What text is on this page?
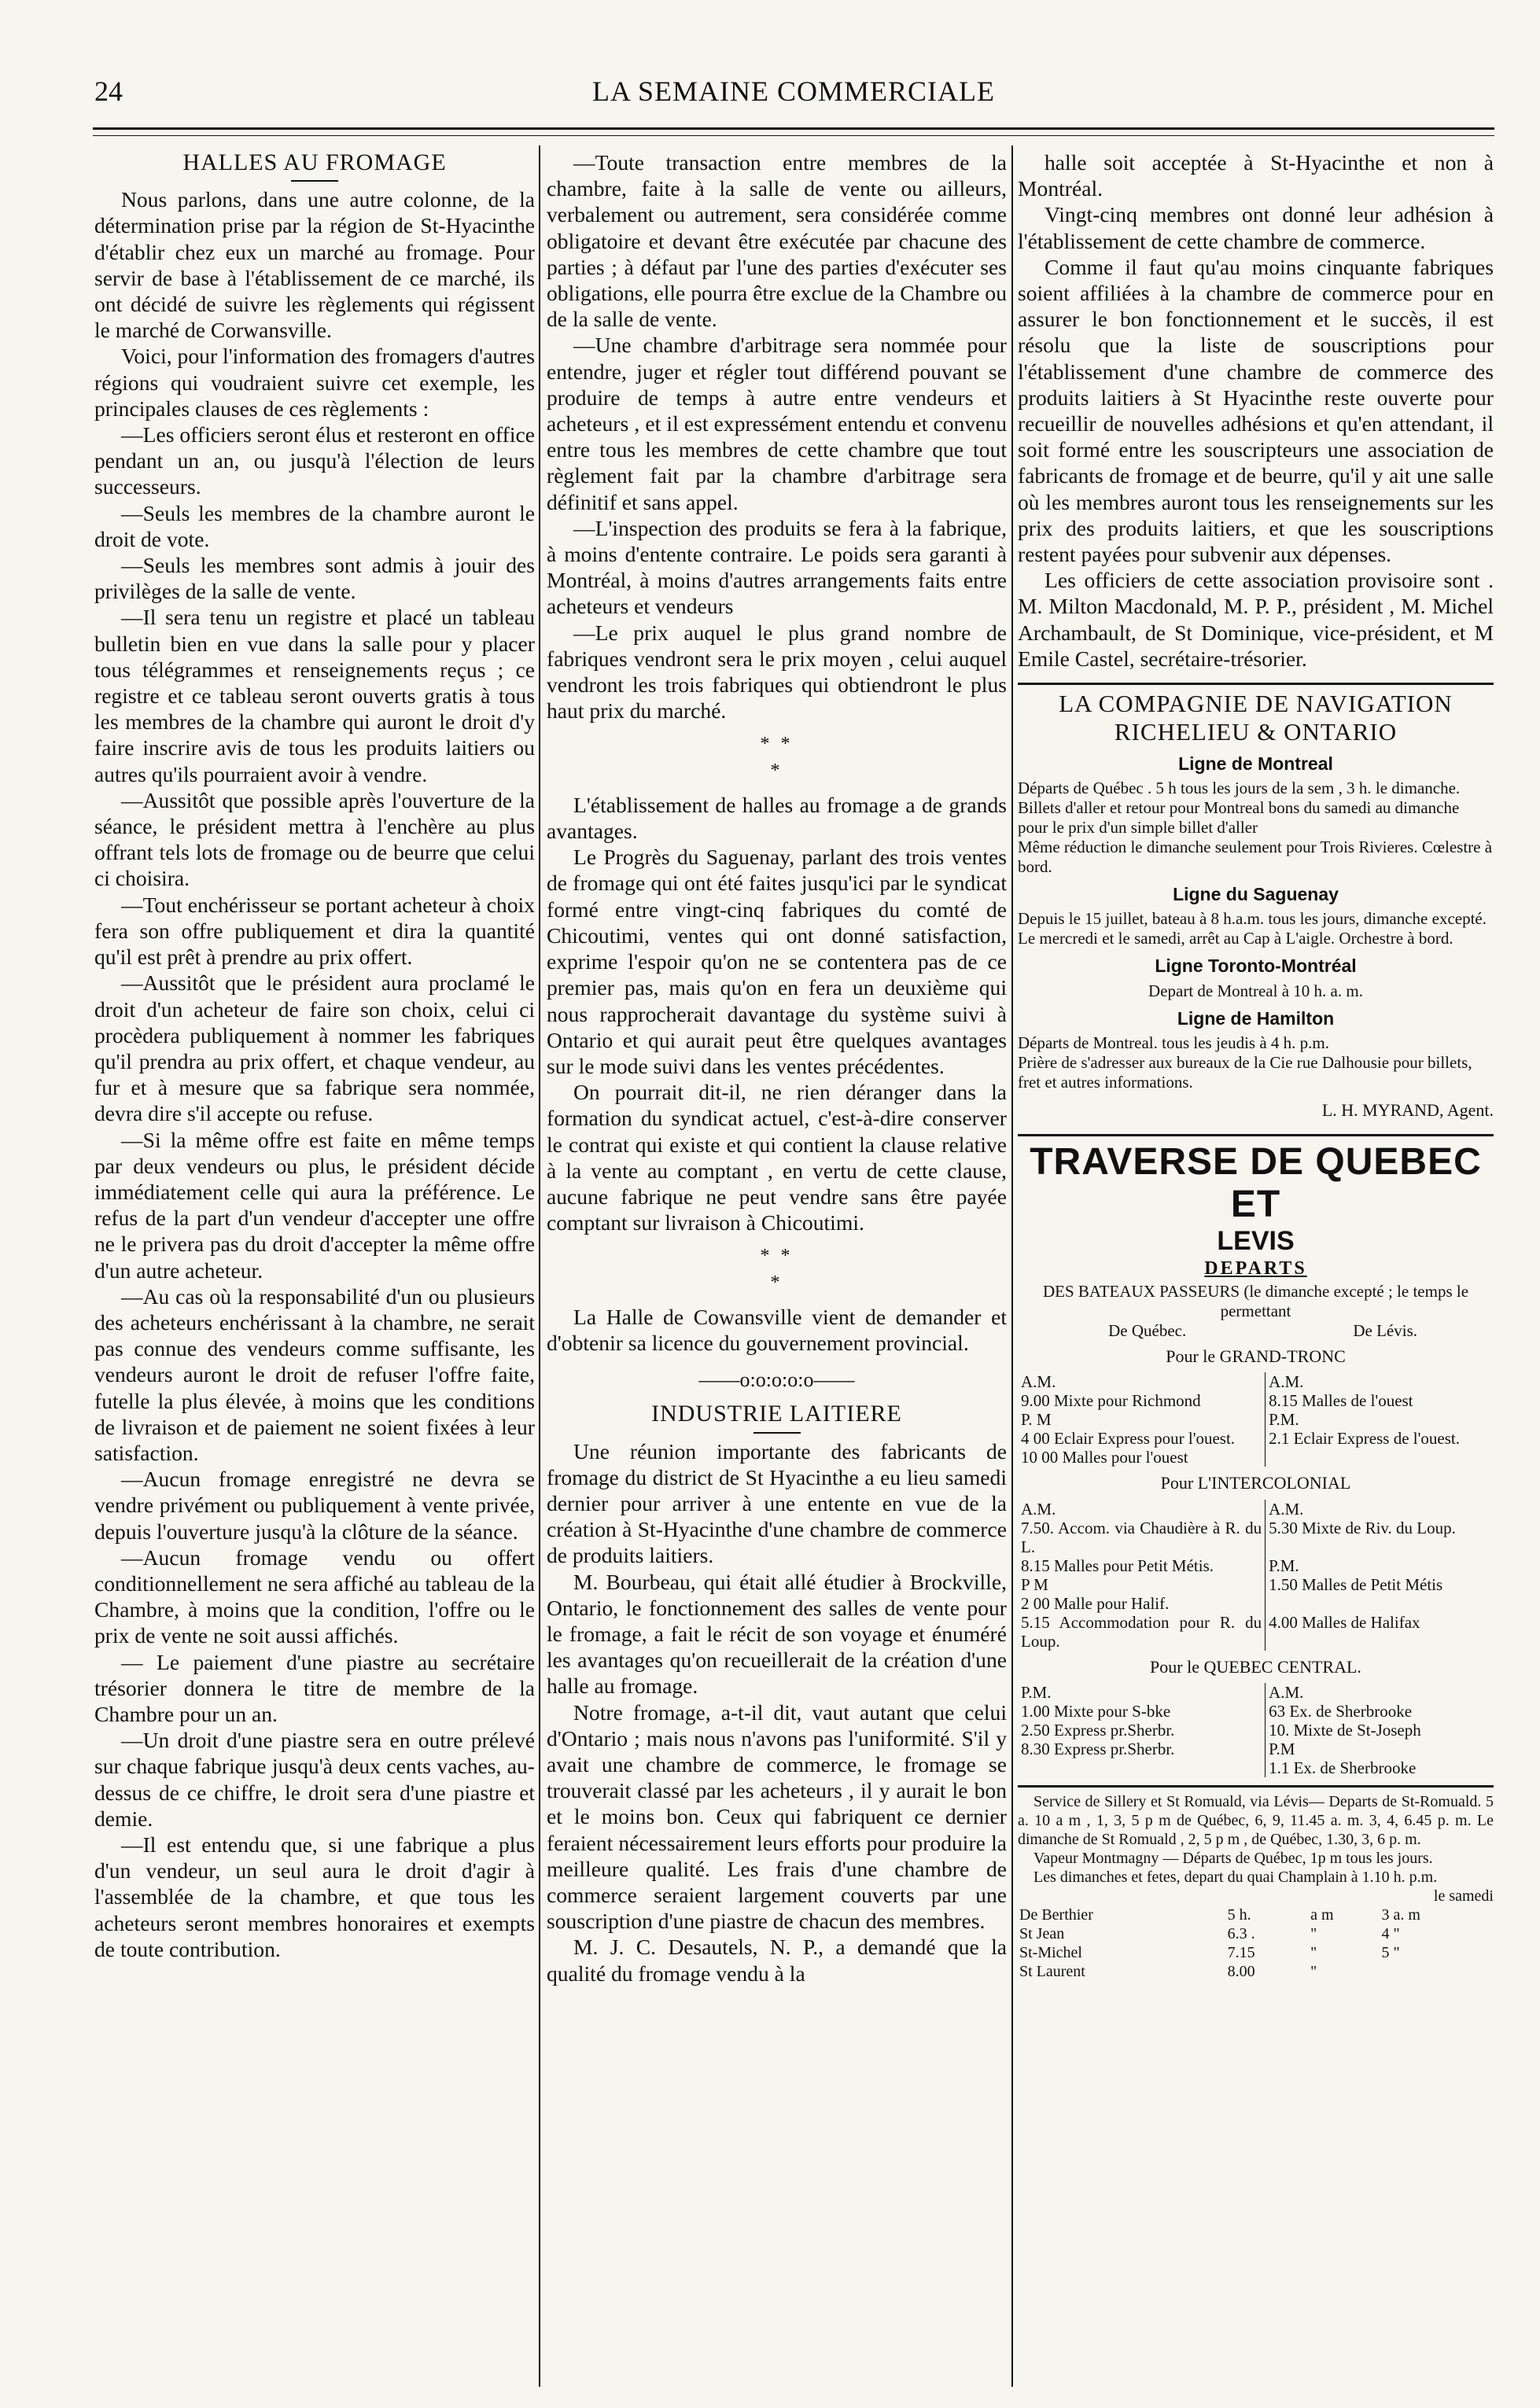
24	LA SEMAINE COMMERCIALE
HALLES AU FROMAGE

Nous parlons, dans une autre colonne, de la détermination prise par la région de St-Hyacinthe d'établir chez eux un marché au fromage. Pour servir de base à l'établissement de ce marché, ils ont décidé de suivre les règlements qui régissent le marché de Corwansville.

Voici, pour l'information des fromagers d'autres régions qui voudraient suivre cet exemple, les principales clauses de ces règlements :

—Les officiers seront élus et resteront en office pendant un an, ou jusqu'à l'élection de leurs successeurs.

—Seuls les membres de la chambre auront le droit de vote.

—Seuls les membres sont admis à jouir des privilèges de la salle de vente.

—Il sera tenu un registre et placé un tableau bulletin bien en vue dans la salle pour y placer tous télégrammes et renseignements reçus ; ce registre et ce tableau seront ouverts gratis à tous les membres de la chambre qui auront le droit d'y faire inscrire avis de tous les produits laitiers ou autres qu'ils pourraient avoir à vendre.

—Aussitôt que possible après l'ouverture de la séance, le président mettra à l'enchère au plus offrant tels lots de fromage ou de beurre que celui ci choisira.

—Tout enchérisseur se portant acheteur à choix fera son offre publiquement et dira la quantité qu'il est prêt à prendre au prix offert.

—Aussitôt que le président aura proclamé le droit d'un acheteur de faire son choix, celui ci procèdera publiquement à nommer les fabriques qu'il prendra au prix offert, et chaque vendeur, au fur et à mesure que sa fabrique sera nommée, devra dire s'il accepte ou refuse.

—Si la même offre est faite en même temps par deux vendeurs ou plus, le président décide immédiatement celle qui aura la préférence. Le refus de la part d'un vendeur d'accepter une offre ne le privera pas du droit d'accepter la même offre d'un autre acheteur.

—Au cas où la responsabilité d'un ou plusieurs des acheteurs enchérissant à la chambre, ne serait pas connue des vendeurs comme suffisante, les vendeurs auront le droit de refuser l'offre faite, futelle la plus élevée, à moins que les conditions de livraison et de paiement ne soient fixées à leur satisfaction.

—Aucun fromage enregistré ne devra se vendre privément ou publiquement à vente privée, depuis l'ouverture jusqu'à la clôture de la séance.

—Aucun fromage vendu ou offert conditionnellement ne sera affiché au tableau de la Chambre, à moins que la condition, l'offre ou le prix de vente ne soit aussi affichés.

— Le paiement d'une piastre au secrétaire trésorier donnera le titre de membre de la Chambre pour un an.

—Un droit d'une piastre sera en outre prélevé sur chaque fabrique jusqu'à deux cents vaches, au-dessus de ce chiffre, le droit sera d'une piastre et demie.

—Il est entendu que, si une fabrique a plus d'un vendeur, un seul aura le droit d'agir à l'assemblée de la chambre, et que tous les acheteurs seront membres honoraires et exempts de toute contribution.

—Toute transaction entre membres de la chambre, faite à la salle de vente ou ailleurs, verbalement ou autrement, sera considérée comme obligatoire et devant être exécutée par chacune des parties ; à défaut par l'une des parties d'exécuter ses obligations, elle pourra être exclue de la Chambre ou de la salle de vente.

—Une chambre d'arbitrage sera nommée pour entendre, juger et régler tout différend pouvant se produire de temps à autre entre vendeurs et acheteurs , et il est expressément entendu et convenu entre tous les membres de cette chambre que tout règlement fait par la chambre d'arbitrage sera définitif et sans appel.

—L'inspection des produits se fera à la fabrique, à moins d'entente contraire. Le poids sera garanti à Montréal, à moins d'autres arrangements faits entre acheteurs et vendeurs

—Le prix auquel le plus grand nombre de fabriques vendront sera le prix moyen , celui auquel vendront les trois fabriques qui obtiendront le plus haut prix du marché.

* *
*

L'établissement de halles au fromage a de grands avantages.

Le Progrès du Saguenay, parlant des trois ventes de fromage qui ont été faites jusqu'ici par le syndicat formé entre vingt-cinq fabriques du comté de Chicoutimi, ventes qui ont donné satisfaction, exprime l'espoir qu'on ne se contentera pas de ce premier pas, mais qu'on en fera un deuxième qui nous rapprocherait davantage du système suivi à Ontario et qui aurait peut être quelques avantages sur le mode suivi dans les ventes précédentes.

On pourrait dit-il, ne rien déranger dans la formation du syndicat actuel, c'est-à-dire conserver le contrat qui existe et qui contient la clause relative à la vente au comptant , en vertu de cette clause, aucune fabrique ne peut vendre sans être payée comptant sur livraison à Chicoutimi.

* *
*

La Halle de Cowansville vient de demander et d'obtenir sa licence du gouvernement provincial.

——o:o:o:o:o——
INDUSTRIE LAITIERE

Une réunion importante des fabricants de fromage du district de St Hyacinthe a eu lieu samedi dernier pour arriver à une entente en vue de la création à St-Hyacinthe d'une chambre de commerce de produits laitiers.

M. Bourbeau, qui était allé étudier à Brockville, Ontario, le fonctionnement des salles de vente pour le fromage, a fait le récit de son voyage et énuméré les avantages qu'on recueillerait de la création d'une halle au fromage.

Notre fromage, a-t-il dit, vaut autant que celui d'Ontario ; mais nous n'avons pas l'uniformité. S'il y avait une chambre de commerce, le fromage se trouverait classé par les acheteurs , il y aurait le bon et le moins bon. Ceux qui fabriquent ce dernier feraient nécessairement leurs efforts pour produire la meilleure qualité. Les frais d'une chambre de commerce seraient largement couverts par une souscription d'une piastre de chacun des membres.

M. J. C. Desautels, N. P., a demandé que la qualité du fromage vendu à la

halle soit acceptée à St-Hyacinthe et non à Montréal.

Vingt-cinq membres ont donné leur adhésion à l'établissement de cette chambre de commerce.

Comme il faut qu'au moins cinquante fabriques soient affiliées à la chambre de commerce pour en assurer le bon fonctionnement et le succès, il est résolu que la liste de souscriptions pour l'établissement d'une chambre de commerce des produits laitiers à St Hyacinthe reste ouverte pour recueillir de nouvelles adhésions et qu'en attendant, il soit formé entre les souscripteurs une association de fabricants de fromage et de beurre, qu'il y ait une salle où les membres auront tous les renseignements sur les prix des produits laitiers, et que les souscriptions restent payées pour subvenir aux dépenses.

Les officiers de cette association provisoire sont . M. Milton Macdonald, M. P. P., président , M. Michel Archambault, de St Dominique, vice-président, et M Emile Castel, secrétaire-trésorier.

LA COMPAGNIE DE NAVIGATION RICHELIEU & ONTARIO
Ligne de Montreal
Départs de Québec . 5 h tous les jours de la sem , 3 h. le dimanche.
Billets d'aller et retour pour Montreal bons du samedi au dimanche pour le prix d'un simple billet d'aller
Même réduction le dimanche seulement pour Trois Rivieres. Cœlestre à bord.
Ligne du Saguenay
Depuis le 15 juillet, bateau à 8 h.a.m. tous les jours, dimanche excepté. Le mercredi et le samedi, arrêt au Cap à L'aigle. Orchestre à bord.
Ligne Toronto-Montréal
Depart de Montreal à 10 h. a. m.
Ligne de Hamilton
Départs de Montreal. tous les jeudis à 4 h. p.m.
Prière de s'adresser aux bureaux de la Cie rue Dalhousie pour billets, fret et autres informations.
L. H. MYRAND, Agent.
TRAVERSE DE QUEBEC ET
LEVIS
DEPARTS
DES BATEAUX PASSEURS (le dimanche excepté ; le temps le permettant
De Québec.	De Lévis.
Pour le GRAND-TRONC
A.M.	A.M.
9.00 Mixte pour Richmond	8.15 Malles de l'ouest
P. M	P.M.
4 00 Eclair Express pour l'ouest.	2.1 Eclair Express de l'ouest.
10 00 Malles pour l'ouest	
Pour L'INTERCOLONIAL
A.M.	A.M.
7.50. Accom. via Chaudière à R. du L.	5.30 Mixte de Riv. du Loup.
8.15 Malles pour Petit Métis.	P.M.
P M	1.50 Malles de Petit Métis
2 00 Malle pour Halif.	
5.15 Accommodation pour R. du Loup.	4.00 Malles de Halifax
Pour le QUEBEC CENTRAL.
P.M.	A.M.
1.00 Mixte pour S-bke	63 Ex. de Sherbrooke
2.50 Express pr.Sherbr.	10. Mixte de St-Joseph
8.30 Express pr.Sherbr.	P.M
	1.1 Ex. de Sherbrooke

Service de Sillery et St Romuald, via Lévis— Departs de St-Romuald. 5 a. 10 a m , 1, 3, 5 p m de Québec, 6, 9, 11.45 a. m. 3, 4, 6.45 p. m. Le dimanche de St Romuald , 2, 5 p m , de Québec, 1.30, 3, 6 p. m.

Vapeur Montmagny — Départs de Québec, 1p m tous les jours.

Les dimanches et fetes, depart du quai Champlain à 1.10 h. p.m.

le samedi
De Berthier	5 h.	a m	3 a. m
St Jean	6.3 .	"	4 "
St-Michel	7.15	"	5 "
St Laurent	8.00	"	
